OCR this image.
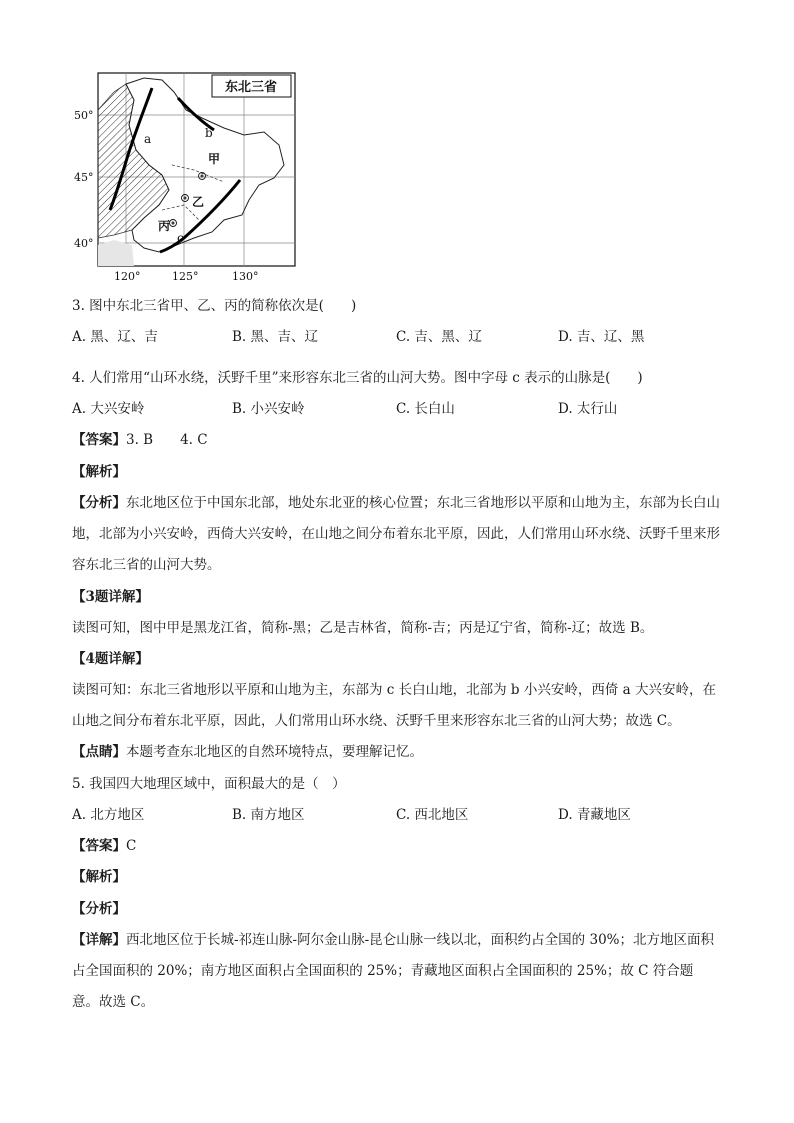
东北三省
甲
乙
丙
a	b
c
50°
45°
40°
120°	125°	130°
3. 图中东北三省甲、乙、丙的简称依次是(　　)
A. 黑、辽、吉	B. 黑、吉、辽	C. 吉、黑、辽	D. 吉、辽、黑
4. 人们常用“山环水绕，沃野千里”来形容东北三省的山河大势。图中字母 c 表示的山脉是(　　)
A. 大兴安岭	B. 小兴安岭	C. 长白山	D. 太行山
【答案】3. B　　4. C
【解析】
【分析】东北地区位于中国东北部，地处东北亚的核心位置；东北三省地形以平原和山地为主，东部为长白山地，北部为小兴安岭，西倚大兴安岭，在山地之间分布着东北平原，因此，人们常用山环水绕、沃野千里来形容东北三省的山河大势。
【3题详解】
读图可知，图中甲是黑龙江省，简称-黑；乙是吉林省，简称-吉；丙是辽宁省，简称-辽；故选 B。
【4题详解】
读图可知：东北三省地形以平原和山地为主，东部为 c 长白山地，北部为 b 小兴安岭，西倚 a 大兴安岭，在山地之间分布着东北平原，因此，人们常用山环水绕、沃野千里来形容东北三省的山河大势；故选 C。
【点睛】本题考查东北地区的自然环境特点，要理解记忆。
5. 我国四大地理区域中，面积最大的是（　）
A. 北方地区	B. 南方地区	C. 西北地区	D. 青藏地区
【答案】C
【解析】
【分析】
【详解】西北地区位于长城-祁连山脉-阿尔金山脉-昆仑山脉一线以北，面积约占全国的 30%；北方地区面积占全国面积的 20%；南方地区面积占全国面积的 25%；青藏地区面积占全国面积的 25%；故 C 符合题意。故选 C。
